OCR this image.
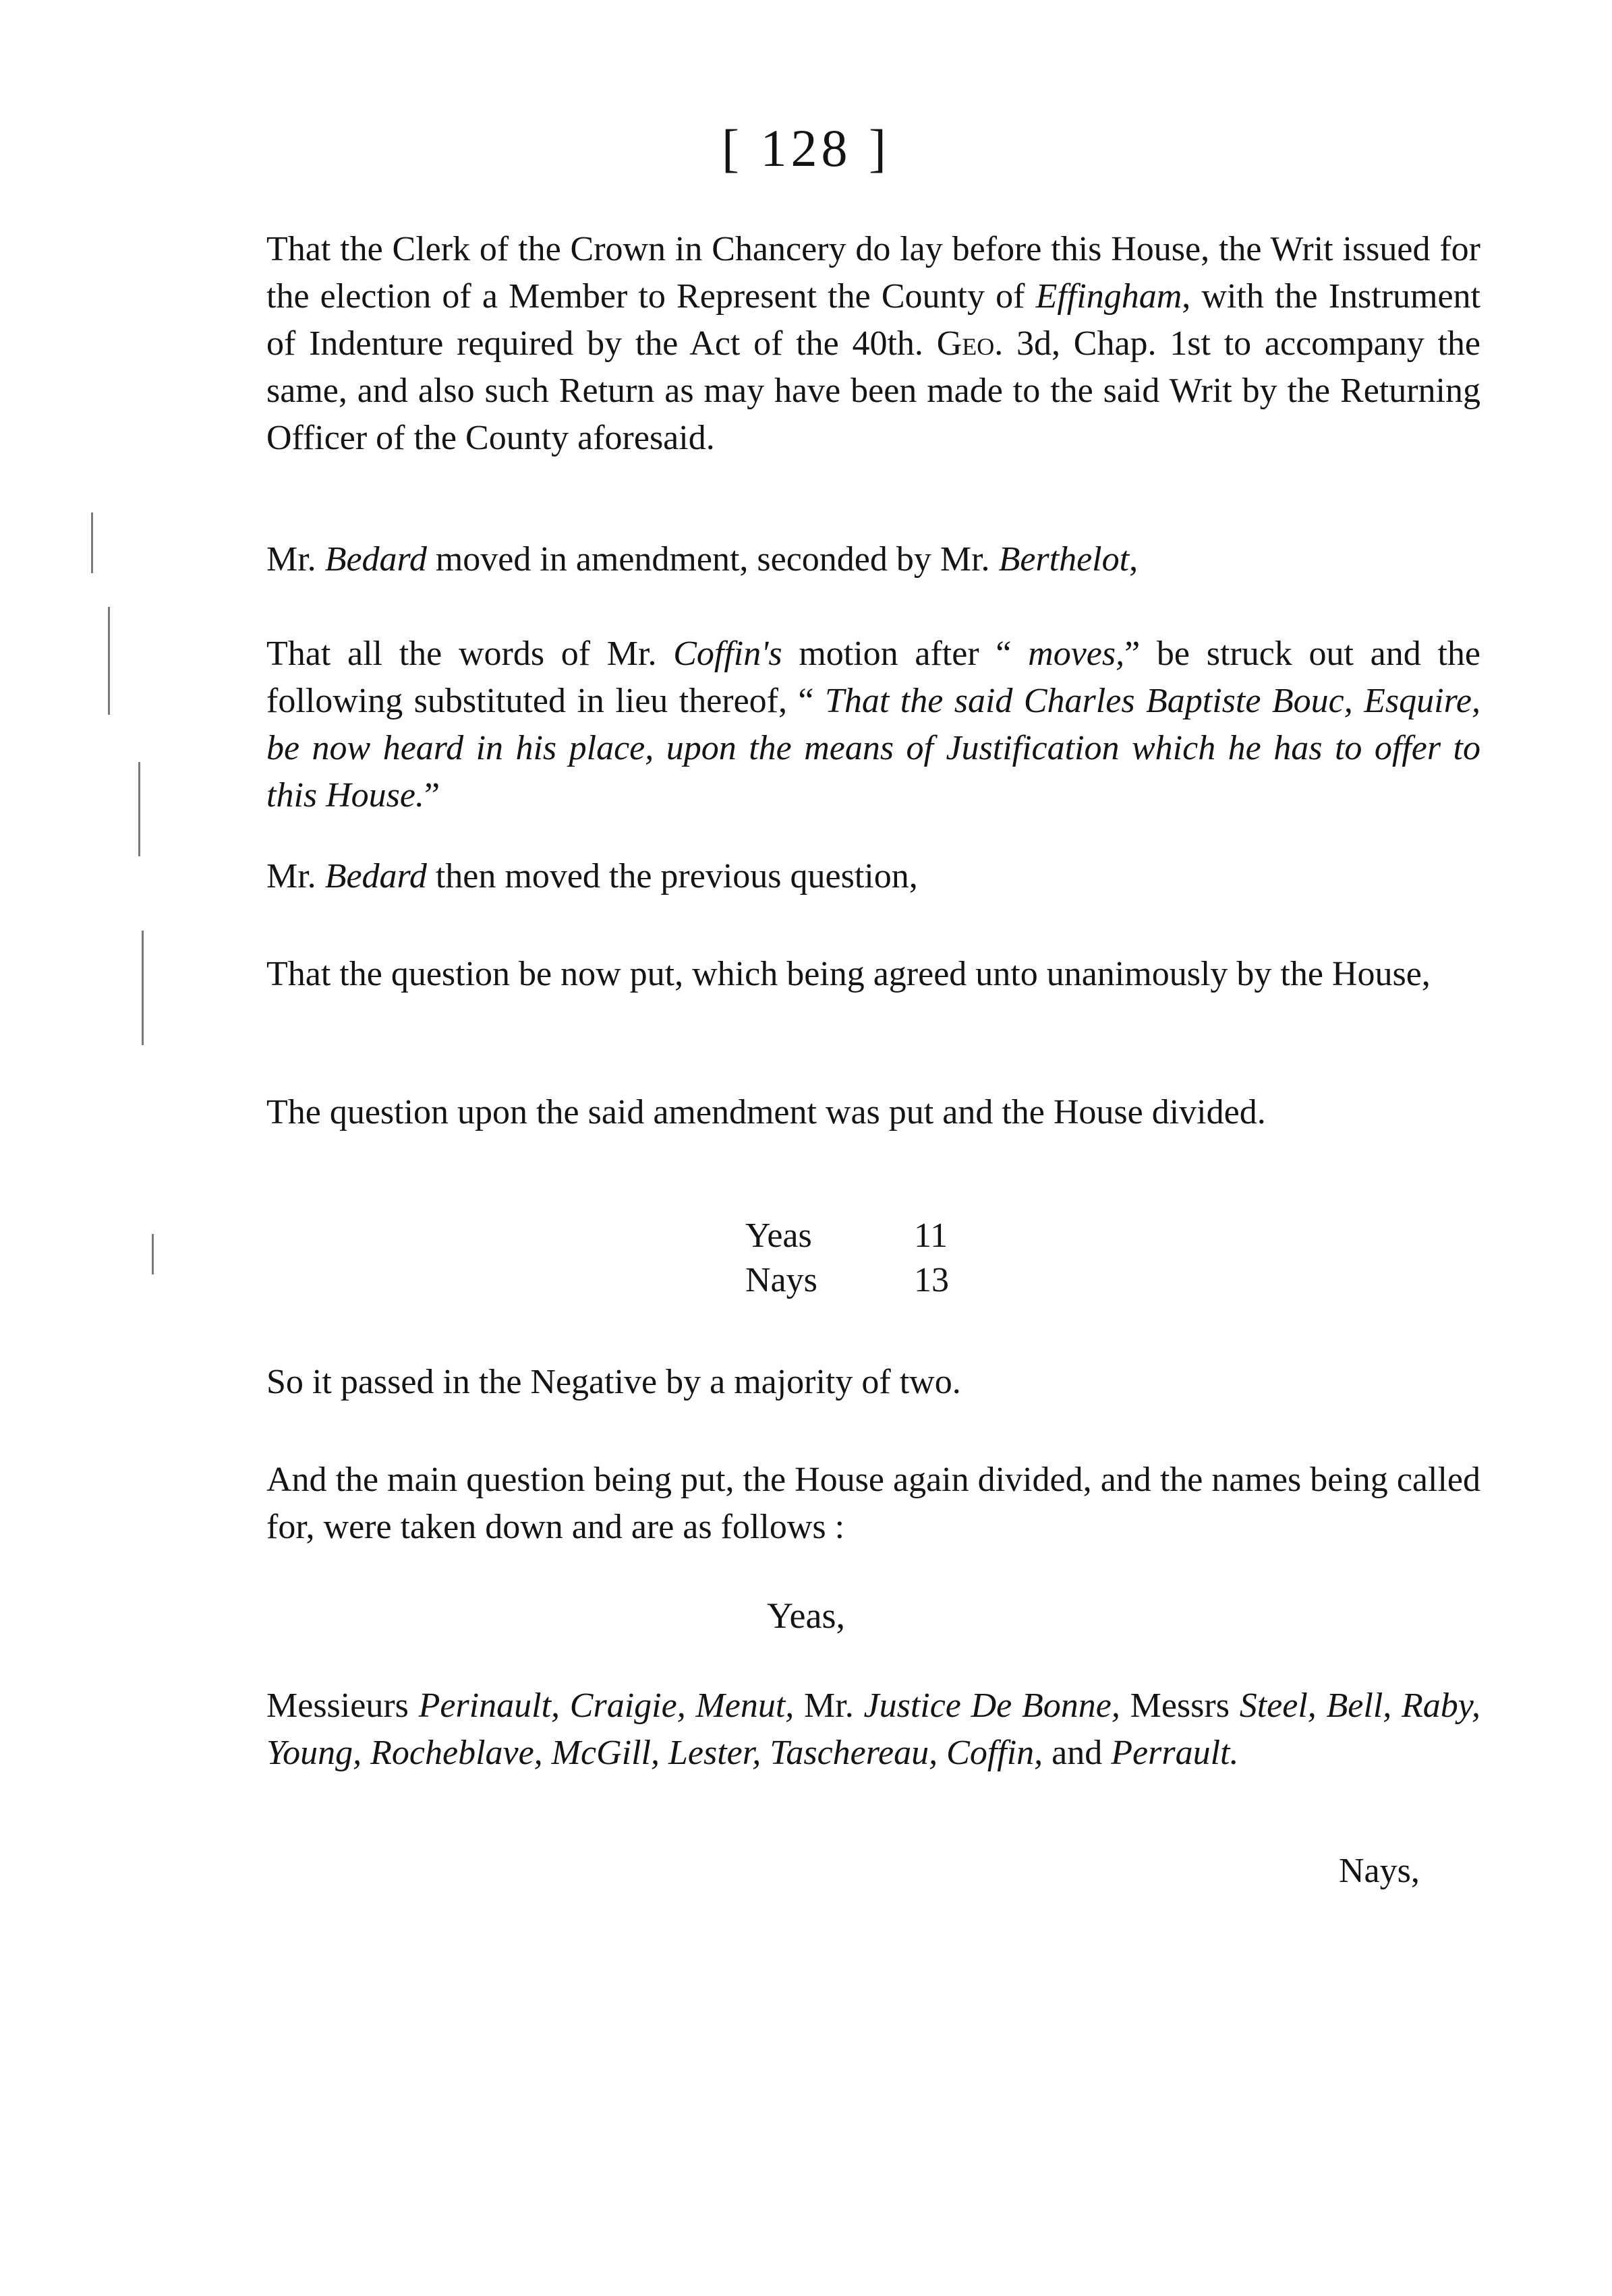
[ 128 ]

That the Clerk of the Crown in Chancery do lay before this House, the Writ issued for the election of a Member to Represent the County of Effingham, with the Instrument of Indenture required by the Act of the 40th. Geo. 3d, Chap. 1st to accompany the same, and also such Return as may have been made to the said Writ by the Returning Officer of the County aforesaid.

Mr. Bedard moved in amendment, seconded by Mr. Berthelot,

That all the words of Mr. Coffin's motion after “ moves,” be struck out and the following substituted in lieu thereof, “ That the said Charles Baptiste Bouc, Esquire, be now heard in his place, upon the means of Justification which he has to offer to this House.”

Mr. Bedard then moved the previous question,

That the question be now put, which being agreed unto unanimously by the House,

The question upon the said amendment was put and the House divided.

Yeas	11
Nays	13

So it passed in the Negative by a majority of two.

And the main question being put, the House again divided, and the names being called for, were taken down and are as follows :

Yeas,

Messieurs Perinault, Craigie, Menut, Mr. Justice De Bonne, Messrs Steel, Bell, Raby, Young, Rocheblave, McGill, Lester, Taschereau, Coffin, and Perrault.

Nays,
